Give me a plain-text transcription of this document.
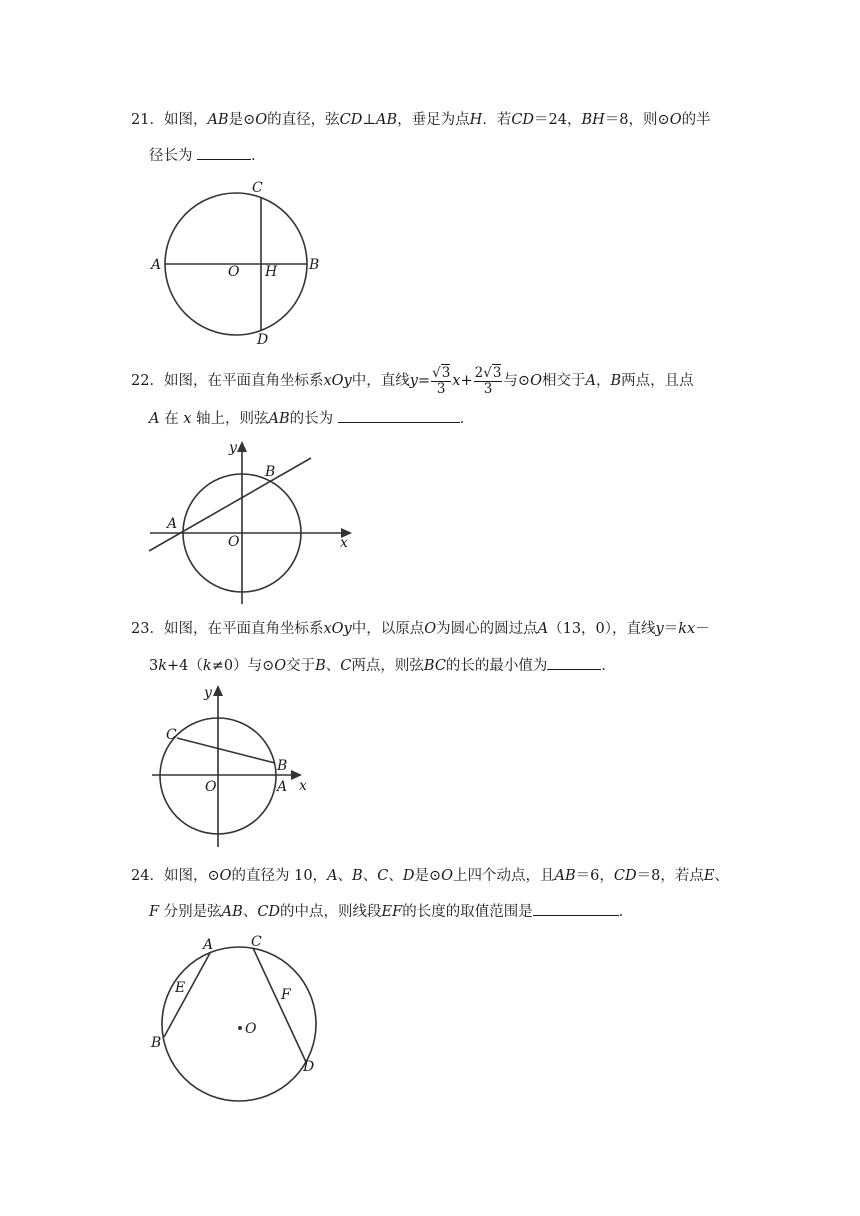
21．如图，AB是⊙O的直径，弦CD⊥AB，垂足为点H．若CD＝24，BH＝8，则⊙O的半
径长为	．
A	B
C
D
O H
22．如图，在平面直角坐标系xOy中，直线$y= \frac{√3}{3} x+ \frac{2√3}{3}$ 与⊙O相交于A，B两点，且点
A 在 x 轴上，则弦AB的长为	．
A
B
O	x
y
23．如图，在平面直角坐标系xOy中，以原点O为圆心的圆过点A（13，0），直线y＝kx－
3k+4（k≠0）与⊙O交于B、C两点，则弦BC的长的最小值为	．
C
B
A
O	x
y
24．如图，⊙O的直径为 10，A、B、C、D是⊙O上四个动点，且AB＝6，CD＝8，若点E、
F 分别是弦AB、CD的中点，则线段EF的长度的取值范围是	．
A
B
C
D
E	F
O
